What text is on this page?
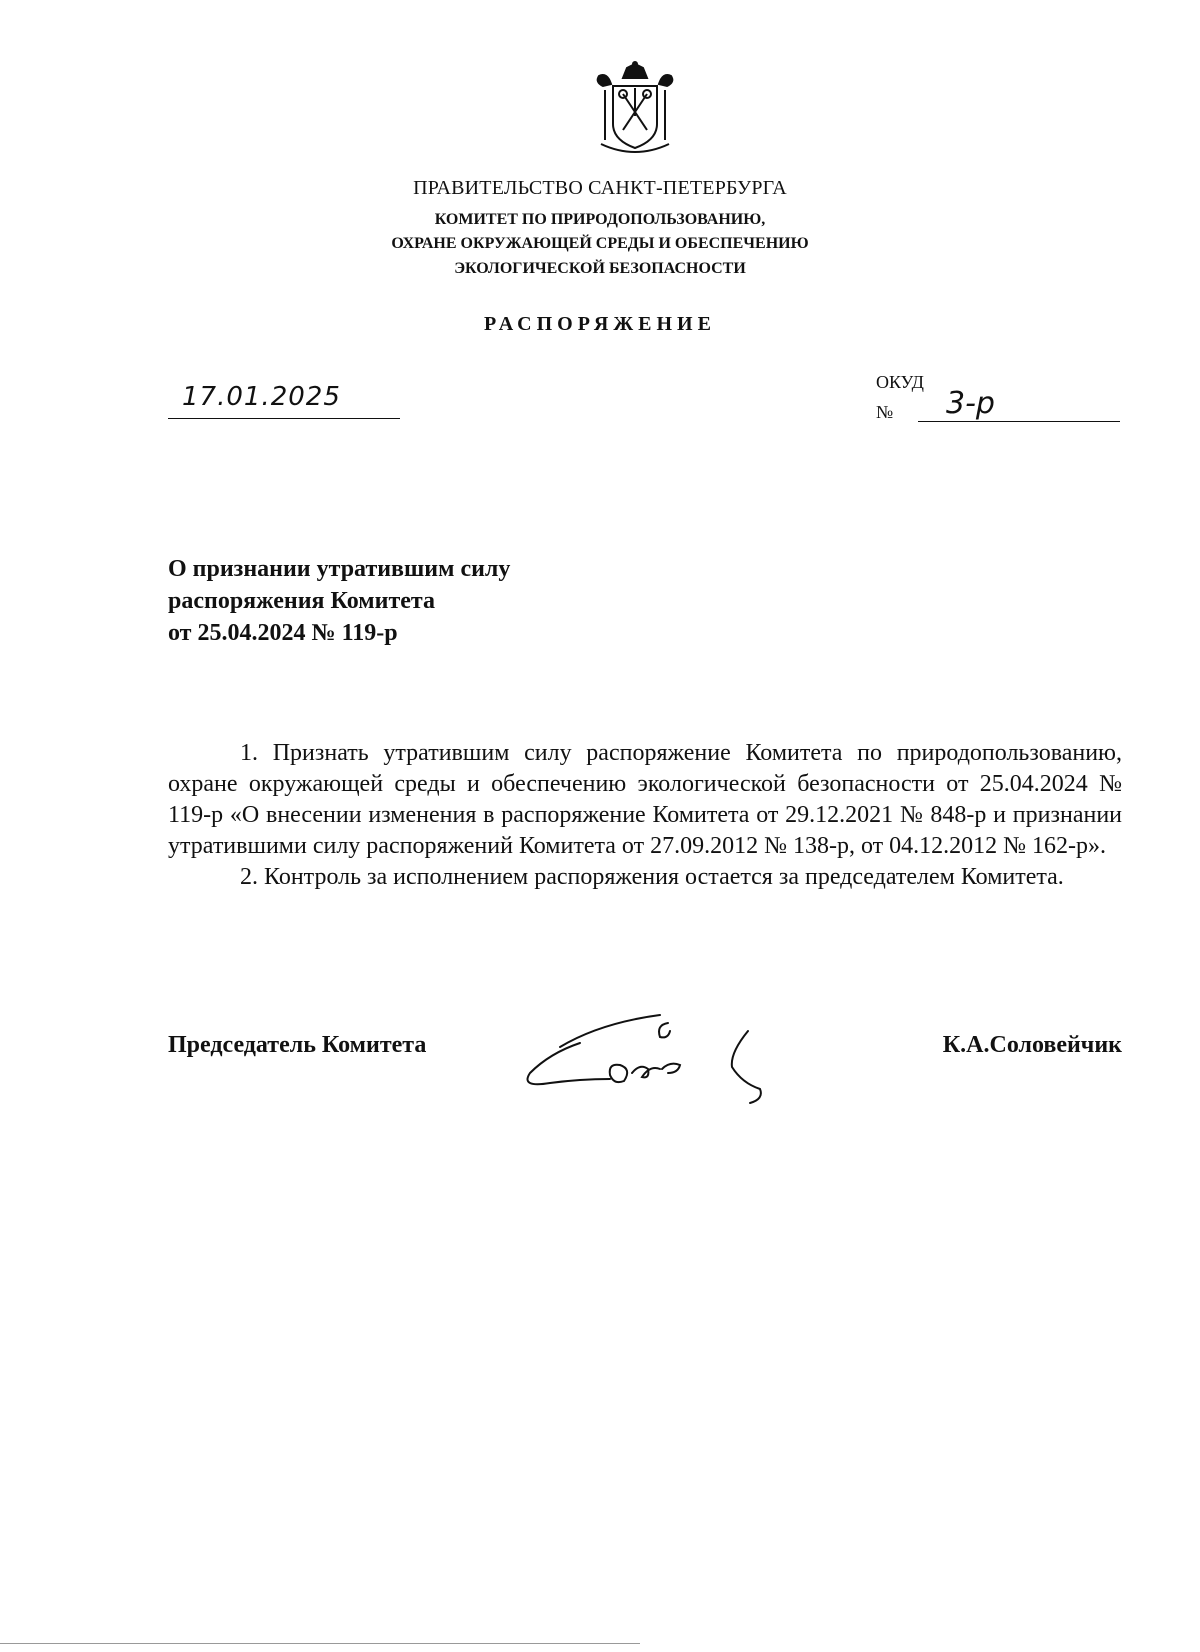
ПРАВИТЕЛЬСТВО САНКТ-ПЕТЕРБУРГА
КОМИТЕТ ПО ПРИРОДОПОЛЬЗОВАНИЮ,
ОХРАНЕ ОКРУЖАЮЩЕЙ СРЕДЫ И ОБЕСПЕЧЕНИЮ
ЭКОЛОГИЧЕСКОЙ БЕЗОПАСНОСТИ
РАСПОРЯЖЕНИЕ
17.01.2025	ОКУД
№ 3-р
О признании утратившим силу
распоряжения Комитета
от 25.04.2024 № 119-р

1. Признать утратившим силу распоряжение Комитета по природопользованию, охране окружающей среды и обеспечению экологической безопасности от 25.04.2024 № 119-р «О внесении изменения в распоряжение Комитета от 29.12.2021 № 848-р и признании утратившими силу распоряжений Комитета от 27.09.2012 № 138-р, от 04.12.2012 № 162-р».

2. Контроль за исполнением распоряжения остается за председателем Комитета.

Председатель Комитета	К.А.Соловейчик
